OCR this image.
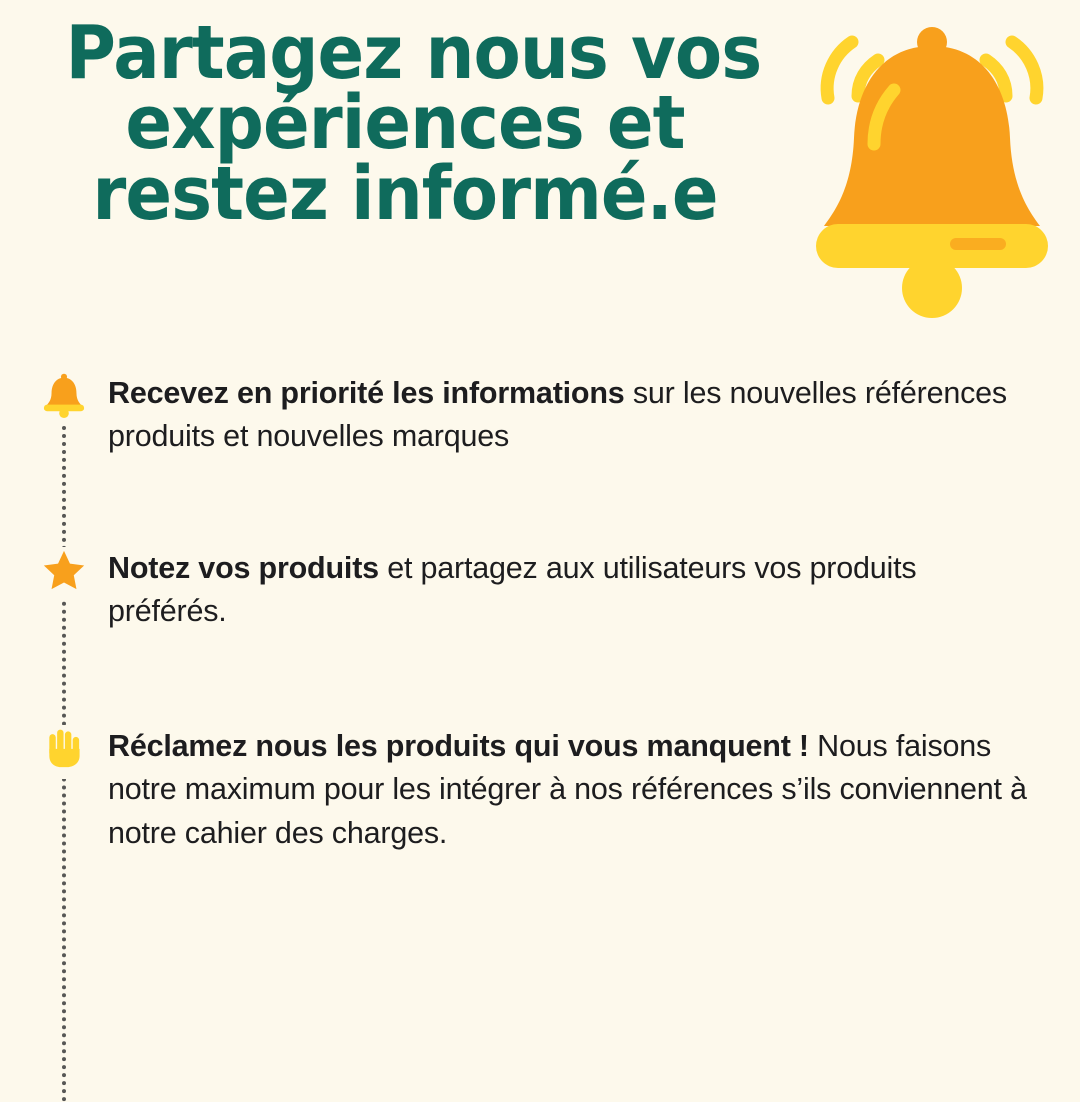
Partagez nous vos
expériences et
restez informé.e
Recevez en priorité les informations sur les nouvelles références produits et nouvelles marques
Notez vos produits et partagez aux utilisateurs vos produits préférés.
Réclamez nous les produits qui vous manquent ! Nous faisons notre maximum pour les intégrer à nos références s’ils conviennent à notre cahier des charges.
